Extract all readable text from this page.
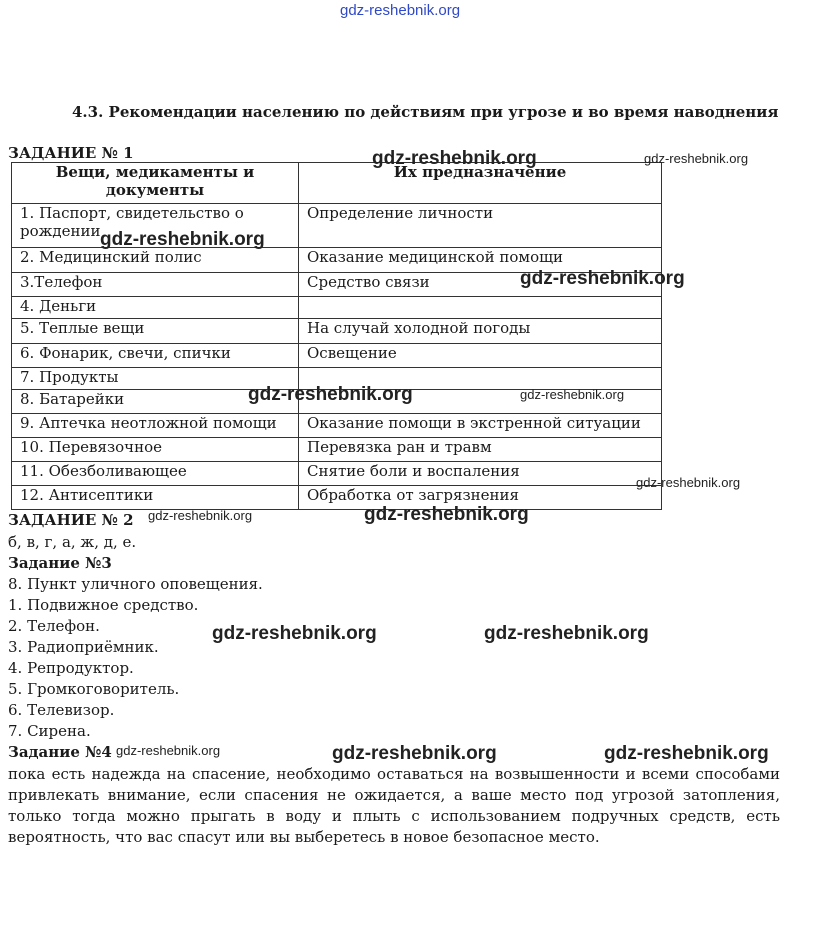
gdz-reshebnik.org
4.3. Рекомендации населению по действиям при угрозе и во время наводнения
ЗАДАНИЕ № 1
Вещи, медикаменты и документы	Их предназначение
1. Паспорт, свидетельство о рождении	Определение личности
2. Медицинский полис	Оказание медицинской помощи
3.Телефон	Средство связи
4. Деньги	
5. Теплые вещи	На случай холодной погоды
6. Фонарик, свечи, спички	Освещение
7. Продукты	
8. Батарейки	
9. Аптечка неотложной помощи	Оказание помощи в экстренной ситуации
10. Перевязочное	Перевязка ран и травм
11. Обезболивающее	Снятие боли и воспаления
12. Антисептики	Обработка от загрязнения
ЗАДАНИЕ № 2
б, в, г, а, ж, д, е.
Задание №3
8. Пункт уличного оповещения.
1. Подвижное средство.
2. Телефон.
3. Радиоприёмник.
4. Репродуктор.
5. Громкоговоритель.
6. Телевизор.
7. Сирена.
Задание №4
пока есть надежда на спасение, необходимо оставаться на возвышенности и всеми способами привлекать внимание, если спасения не ожидается, а ваше место под угрозой затопления, только тогда можно прыгать в воду и плыть с использованием подручных средств, есть вероятность, что вас спасут или вы выберетесь в новое безопасное место.
gdz-reshebnik.org	gdz-reshebnik.org
gdz-reshebnik.org
gdz-reshebnik.org
gdz-reshebnik.org	gdz-reshebnik.org
gdz-reshebnik.org
gdz-reshebnik.org	gdz-reshebnik.org
gdz-reshebnik.org	gdz-reshebnik.org
gdz-reshebnik.org	gdz-reshebnik.org	gdz-reshebnik.org
